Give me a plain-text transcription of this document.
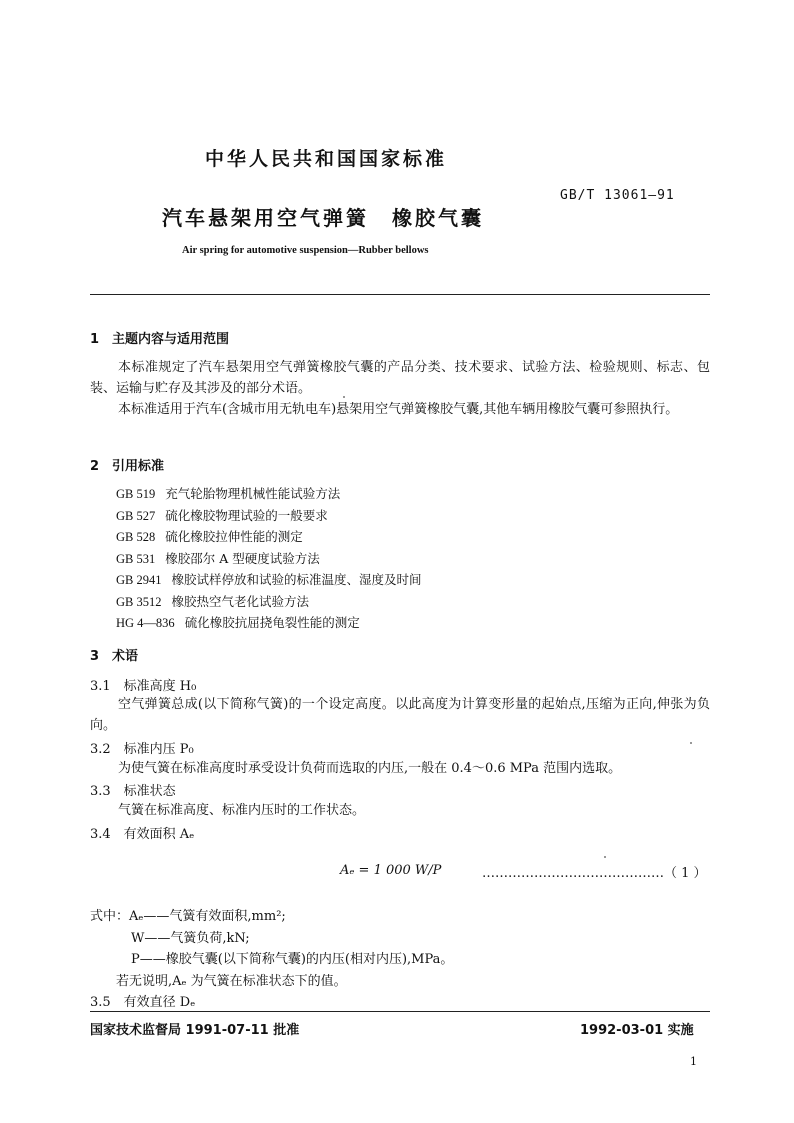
中华人民共和国国家标准
GB/T 13061—91
汽车悬架用空气弹簧　橡胶气囊
Air spring for automotive suspension—Rubber bellows
1　主题内容与适用范围
本标准规定了汽车悬架用空气弹簧橡胶气囊的产品分类、技术要求、试验方法、检验规则、标志、包装、运输与贮存及其涉及的部分术语。
本标准适用于汽车(含城市用无轨电车)悬架用空气弹簧橡胶气囊,其他车辆用橡胶气囊可参照执行。
2　引用标准
GB 519 充气轮胎物理机械性能试验方法
GB 527 硫化橡胶物理试验的一般要求
GB 528 硫化橡胶拉伸性能的测定
GB 531 橡胶邵尔 A 型硬度试验方法
GB 2941 橡胶试样停放和试验的标准温度、湿度及时间
GB 3512 橡胶热空气老化试验方法
HG 4—836 硫化橡胶抗屈挠龟裂性能的测定
3　术语
3.1　标准高度 H₀
空气弹簧总成(以下简称气簧)的一个设定高度。以此高度为计算变形量的起始点,压缩为正向,伸张为负向。
3.2　标准内压 P₀
为使气簧在标准高度时承受设计负荷而选取的内压,一般在 0.4～0.6 MPa 范围内选取。
3.3　标准状态
气簧在标准高度、标准内压时的工作状态。
3.4　有效面积 Aₑ
Aₑ = 1 000 W/P	……………………………………（ 1 ）
式中：Aₑ——气簧有效面积,mm²;
W——气簧负荷,kN;
P——橡胶气囊(以下简称气囊)的内压(相对内压),MPa。
若无说明,Aₑ 为气簧在标准状态下的值。
3.5　有效直径 Dₑ
国家技术监督局 1991-07-11 批准	1992-03-01 实施
1
